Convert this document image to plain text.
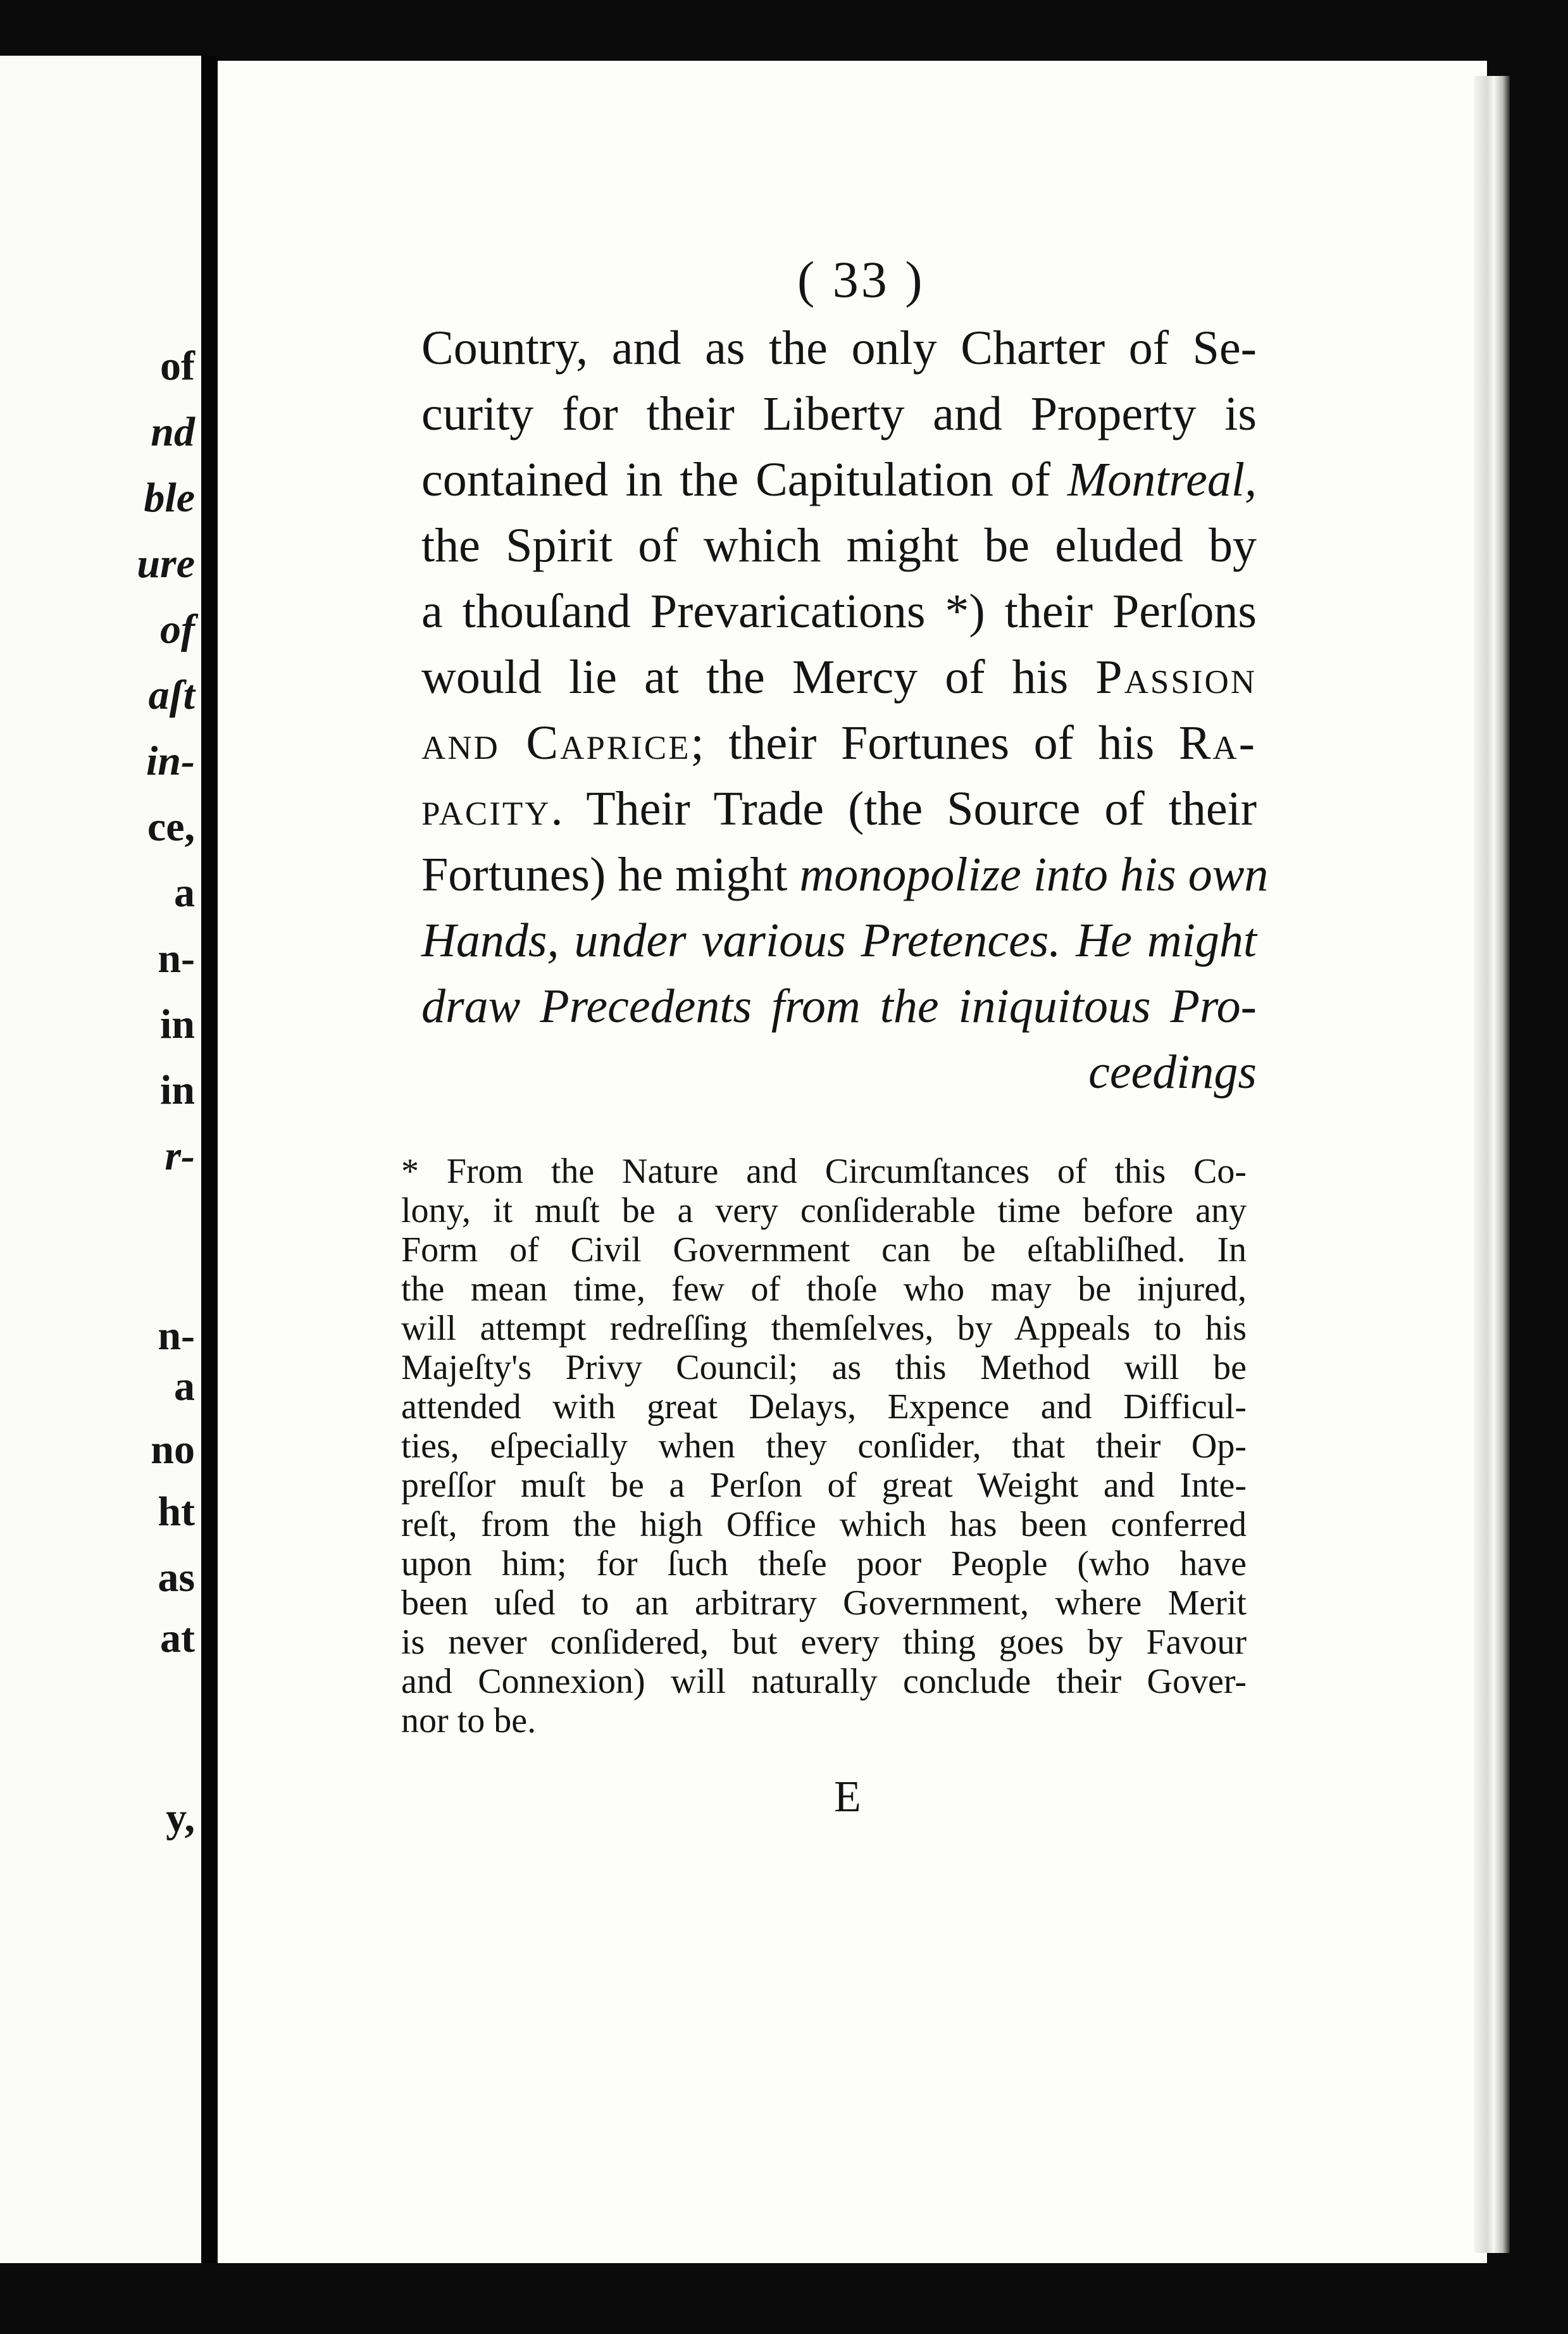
of
nd
ble
ure
of
aſt
in-
ce,
a
n-
in
in
r-
n-
a
no
ht
as
at
y,
( 33 )
Country, and as the only Charter of Se-
curity for their Liberty and Property is
contained in the Capitulation of Montreal,
the Spirit of which might be eluded by
a thouſand Prevarications *) their Perſons
would lie at the Mercy of his Passion
and Caprice; their Fortunes of his Ra-
pacity. Their Trade (the Source of their
Fortunes) he might monopolize into his own
Hands, under various Pretences. He might
draw Precedents from the iniquitous Pro-
ceedings
* From the Nature and Circumſtances of this Co-
lony, it muſt be a very conſiderable time before any
Form of Civil Government can be eſtabliſhed. In
the mean time, few of thoſe who may be injured,
will attempt redreſſing themſelves, by Appeals to his
Majeſty's Privy Council; as this Method will be
attended with great Delays, Expence and Difficul-
ties, eſpecially when they conſider, that their Op-
preſſor muſt be a Perſon of great Weight and Inte-
reſt, from the high Office which has been conferred
upon him; for ſuch theſe poor People (who have
been uſed to an arbitrary Government, where Merit
is never conſidered, but every thing goes by Favour
and Connexion) will naturally conclude their Gover-
nor to be.
E
